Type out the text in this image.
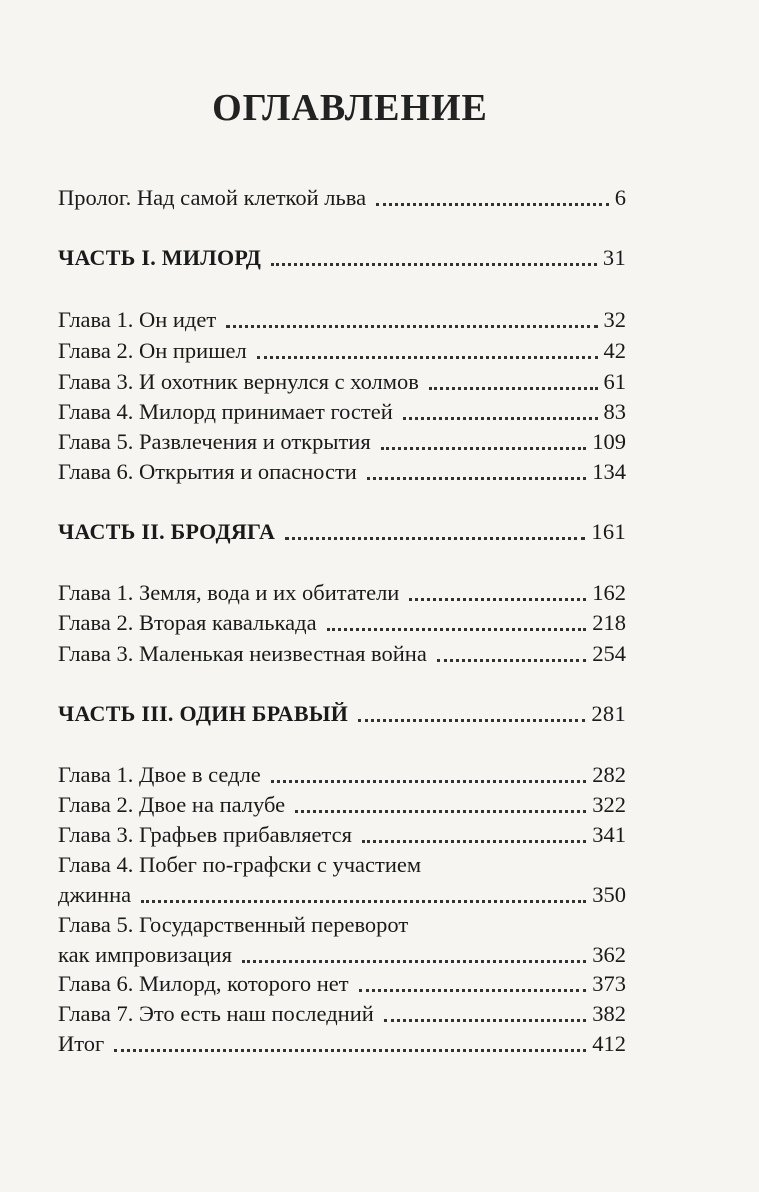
ОГЛАВЛЕНИЕ
Пролог. Над самой клеткой льва	6
ЧАСТЬ I. МИЛОРД	31
Глава 1. Он идет	32
Глава 2. Он пришел	42
Глава 3. И охотник вернулся с холмов	61
Глава 4. Милорд принимает гостей	83
Глава 5. Развлечения и открытия	109
Глава 6. Открытия и опасности	134
ЧАСТЬ II. БРОДЯГА	161
Глава 1. Земля, вода и их обитатели	162
Глава 2. Вторая кавалькада	218
Глава 3. Маленькая неизвестная война	254
ЧАСТЬ III. ОДИН БРАВЫЙ	281
Глава 1. Двое в седле	282
Глава 2. Двое на палубе	322
Глава 3. Графьев прибавляется	341
Глава 4. Побег по-графски с участием
джинна	350
Глава 5. Государственный переворот
как импровизация	362
Глава 6. Милорд, которого нет	373
Глава 7. Это есть наш последний	382
Итог	412
